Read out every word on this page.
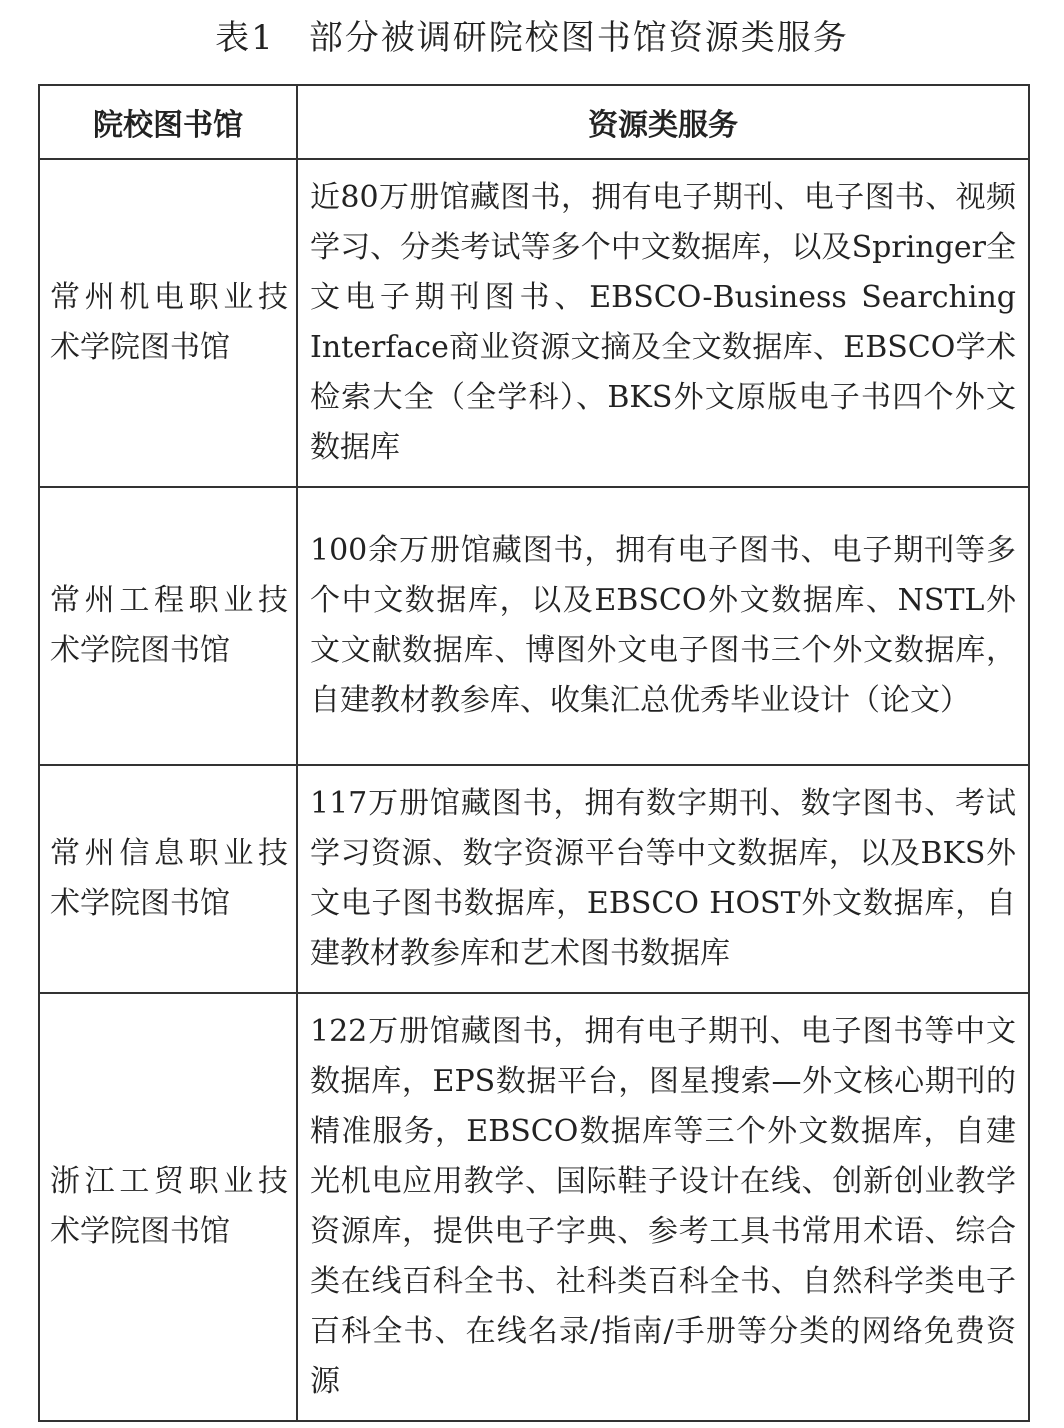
表1 部分被调研院校图书馆资源类服务
院校图书馆	资源类服务
常州机电职业技术学院图书馆	近80万册馆藏图书，拥有电子期刊、电子图书、视频学习、分类考试等多个中文数据库，以及Springer全文电子期刊图书、EBSCO-Business Searching Interface商业资源文摘及全文数据库、EBSCO学术检索大全（全学科）、BKS外文原版电子书四个外文数据库
常州工程职业技术学院图书馆	100余万册馆藏图书，拥有电子图书、电子期刊等多个中文数据库，以及EBSCO外文数据库、NSTL外文文献数据库、博图外文电子图书三个外文数据库，自建教材教参库、收集汇总优秀毕业设计（论文）
常州信息职业技术学院图书馆	117万册馆藏图书，拥有数字期刊、数字图书、考试学习资源、数字资源平台等中文数据库，以及BKS外文电子图书数据库，EBSCO HOST外文数据库，自建教材教参库和艺术图书数据库
浙江工贸职业技术学院图书馆	122万册馆藏图书，拥有电子期刊、电子图书等中文数据库，EPS数据平台，图星搜索—外文核心期刊的精准服务，EBSCO数据库等三个外文数据库，自建光机电应用教学、国际鞋子设计在线、创新创业教学资源库，提供电子字典、参考工具书常用术语、综合类在线百科全书、社科类百科全书、自然科学类电子百科全书、在线名录/指南/手册等分类的网络免费资源
